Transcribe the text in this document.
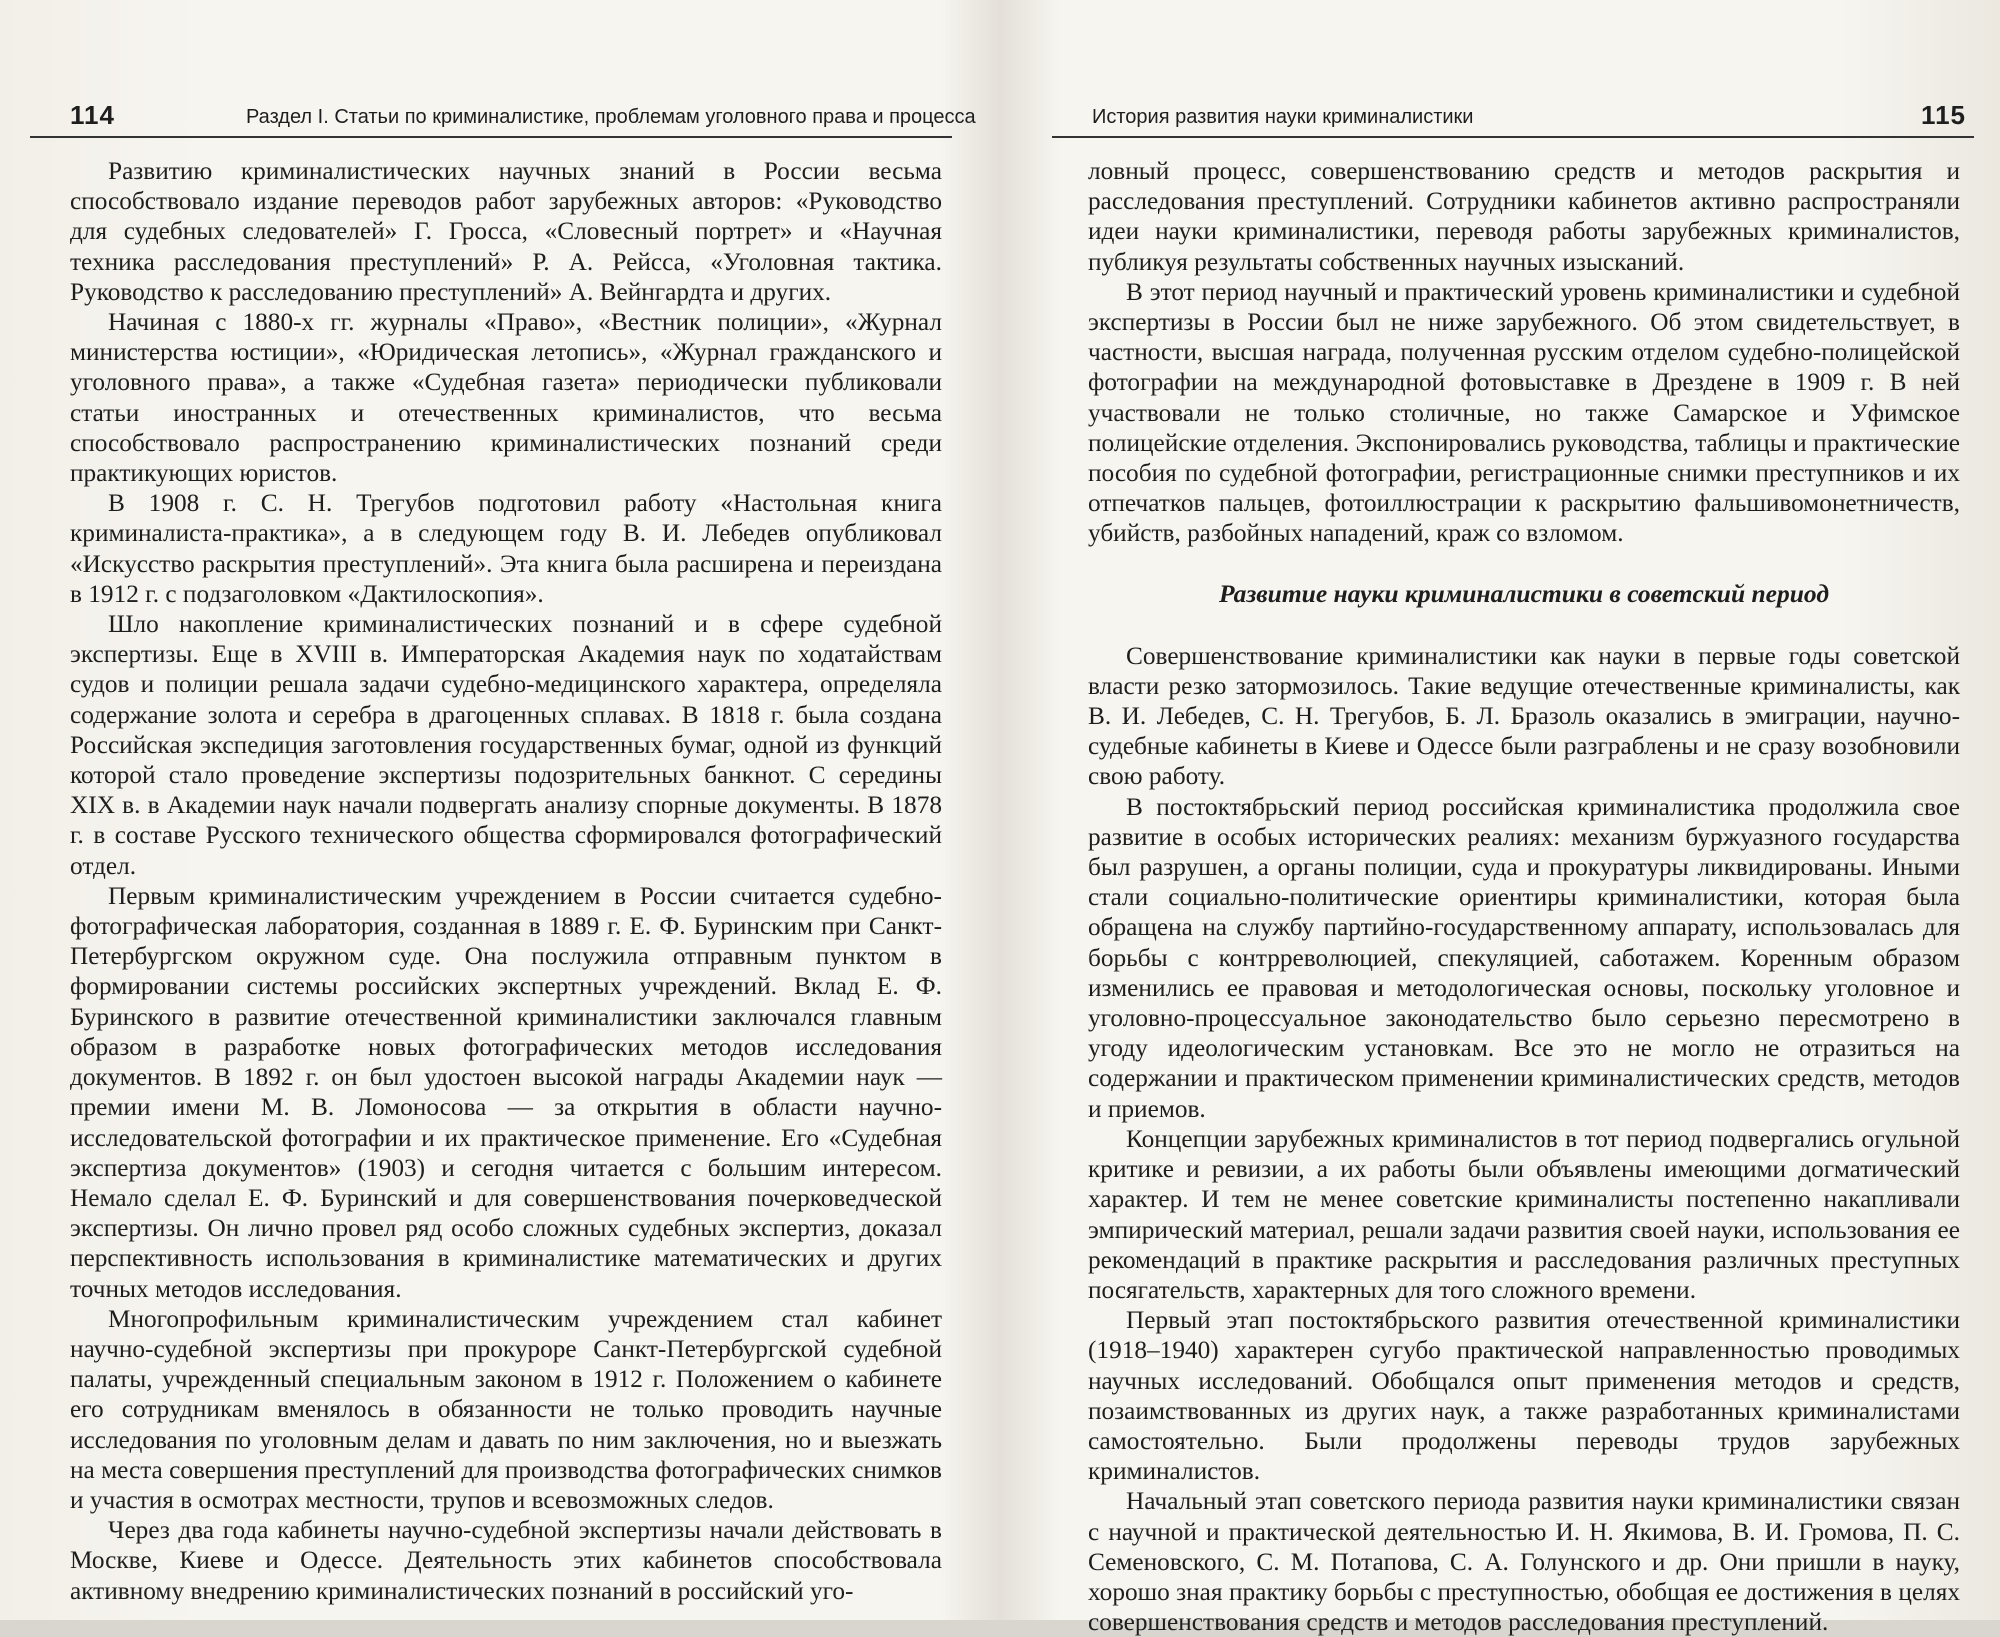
114	Раздел I. Статьи по криминалистике, проблемам уголовного права и процесса

Развитию криминалистических научных знаний в России весьма способствовало издание переводов работ зарубежных авторов: «Руководство для судебных следователей» Г. Гросса, «Словесный портрет» и «Научная техника расследования преступлений» Р. А. Рейсса, «Уголовная тактика. Руководство к расследованию преступлений» А. Вейнгардта и других.

Начиная с 1880-х гг. журналы «Право», «Вестник полиции», «Журнал министерства юстиции», «Юридическая летопись», «Журнал гражданского и уголовного права», а также «Судебная газета» периодически публиковали статьи иностранных и отечественных криминалистов, что весьма способствовало распространению криминалистических познаний среди практикующих юристов.

В 1908 г. С. Н. Трегубов подготовил работу «Настольная книга криминалиста-практика», а в следующем году В. И. Лебедев опубликовал «Искусство раскрытия преступлений». Эта книга была расширена и переиздана в 1912 г. с подзаголовком «Дактилоскопия».

Шло накопление криминалистических познаний и в сфере судебной экспертизы. Еще в XVIII в. Императорская Академия наук по ходатайствам судов и полиции решала задачи судебно-медицинского характера, определяла содержание золота и серебра в драгоценных сплавах. В 1818 г. была создана Российская экспедиция заготовления государственных бумаг, одной из функций которой стало проведение экспертизы подозрительных банкнот. С середины XIX в. в Академии наук начали подвергать анализу спорные документы. В 1878 г. в составе Русского технического общества сформировался фотографический отдел.

Первым криминалистическим учреждением в России считается судебно-фотографическая лаборатория, созданная в 1889 г. Е. Ф. Буринским при Санкт-Петербургском окружном суде. Она послужила отправным пунктом в формировании системы российских экспертных учреждений. Вклад Е. Ф. Буринского в развитие отечественной криминалистики заключался главным образом в разработке новых фотографических методов исследования документов. В 1892 г. он был удостоен высокой награды Академии наук — премии имени М. В. Ломоносова — за открытия в области научно-исследовательской фотографии и их практическое применение. Его «Судебная экспертиза документов» (1903) и сегодня читается с большим интересом. Немало сделал Е. Ф. Буринский и для совершенствования почерковедческой экспертизы. Он лично провел ряд особо сложных судебных экспертиз, доказал перспективность использования в криминалистике математических и других точных методов исследования.

Многопрофильным криминалистическим учреждением стал кабинет научно-судебной экспертизы при прокуроре Санкт-Петербургской судебной палаты, учрежденный специальным законом в 1912 г. Положением о кабинете его сотрудникам вменялось в обязанности не только проводить научные исследования по уголовным делам и давать по ним заключения, но и выезжать на места совершения преступлений для производства фотографических снимков и участия в осмотрах местности, трупов и всевозможных следов.

Через два года кабинеты научно-судебной экспертизы начали действовать в Москве, Киеве и Одессе. Деятельность этих кабинетов способствовала активному внедрению криминалистических познаний в российский уго-

История развития науки криминалистики	115

ловный процесс, совершенствованию средств и методов раскрытия и расследования преступлений. Сотрудники кабинетов активно распространяли идеи науки криминалистики, переводя работы зарубежных криминалистов, публикуя результаты собственных научных изысканий.

В этот период научный и практический уровень криминалистики и судебной экспертизы в России был не ниже зарубежного. Об этом свидетельствует, в частности, высшая награда, полученная русским отделом судебно-полицейской фотографии на международной фотовыставке в Дрездене в 1909 г. В ней участвовали не только столичные, но также Самарское и Уфимское полицейские отделения. Экспонировались руководства, таблицы и практические пособия по судебной фотографии, регистрационные снимки преступников и их отпечатков пальцев, фотоиллюстрации к раскрытию фальшивомонетничеств, убийств, разбойных нападений, краж со взломом.

Развитие науки криминалистики в советский период

Совершенствование криминалистики как науки в первые годы советской власти резко затормозилось. Такие ведущие отечественные криминалисты, как В. И. Лебедев, С. Н. Трегубов, Б. Л. Бразоль оказались в эмиграции, научно-судебные кабинеты в Киеве и Одессе были разграблены и не сразу возобновили свою работу.

В постоктябрьский период российская криминалистика продолжила свое развитие в особых исторических реалиях: механизм буржуазного государства был разрушен, а органы полиции, суда и прокуратуры ликвидированы. Иными стали социально-политические ориентиры криминалистики, которая была обращена на службу партийно-государственному аппарату, использовалась для борьбы с контрреволюцией, спекуляцией, саботажем. Коренным образом изменились ее правовая и методологическая основы, поскольку уголовное и уголовно-процессуальное законодательство было серьезно пересмотрено в угоду идеологическим установкам. Все это не могло не отразиться на содержании и практическом применении криминалистических средств, методов и приемов.

Концепции зарубежных криминалистов в тот период подвергались огульной критике и ревизии, а их работы были объявлены имеющими догматический характер. И тем не менее советские криминалисты постепенно накапливали эмпирический материал, решали задачи развития своей науки, использования ее рекомендаций в практике раскрытия и расследования различных преступных посягательств, характерных для того сложного времени.

Первый этап постоктябрьского развития отечественной криминалистики (1918–1940) характерен сугубо практической направленностью проводимых научных исследований. Обобщался опыт применения методов и средств, позаимствованных из других наук, а также разработанных криминалистами самостоятельно. Были продолжены переводы трудов зарубежных криминалистов.

Начальный этап советского периода развития науки криминалистики связан с научной и практической деятельностью И. Н. Якимова, В. И. Громова, П. С. Семеновского, С. М. Потапова, С. А. Голунского и др. Они пришли в науку, хорошо зная практику борьбы с преступностью, обобщая ее достижения в целях совершенствования средств и методов расследования преступлений.
